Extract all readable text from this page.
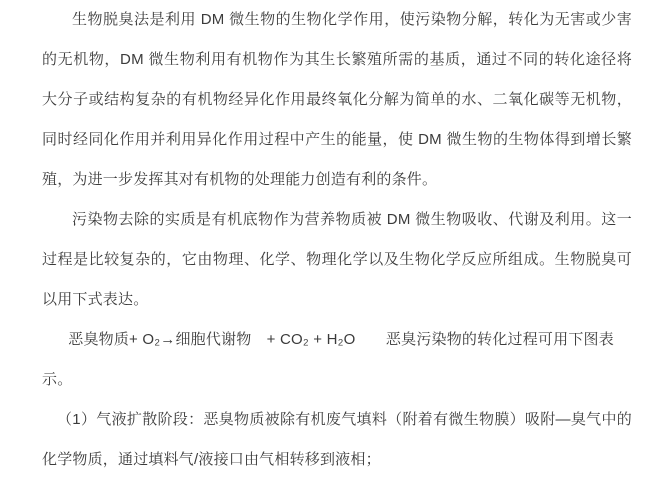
生物脱臭法是利用 DM 微生物的生物化学作用，使污染物分解，转化为无害或少害的无机物，DM 微生物利用有机物作为其生长繁殖所需的基质，通过不同的转化途径将大分子或结构复杂的有机物经异化作用最终氧化分解为简单的水、二氧化碳等无机物，同时经同化作用并利用异化作用过程中产生的能量，使 DM 微生物的生物体得到增长繁殖，为进一步发挥其对有机物的处理能力创造有利的条件。

污染物去除的实质是有机底物作为营养物质被 DM 微生物吸收、代谢及利用。这一过程是比较复杂的，它由物理、化学、物理化学以及生物化学反应所组成。生物脱臭可以用下式表达。

恶臭物质+ O₂→细胞代谢物　+ CO₂ + H₂O　　恶臭污染物的转化过程可用下图表示。

（1）气液扩散阶段：恶臭物质被除有机废气填料（附着有微生物膜）吸附—臭气中的化学物质，通过填料气/液接口由气相转移到液相；
